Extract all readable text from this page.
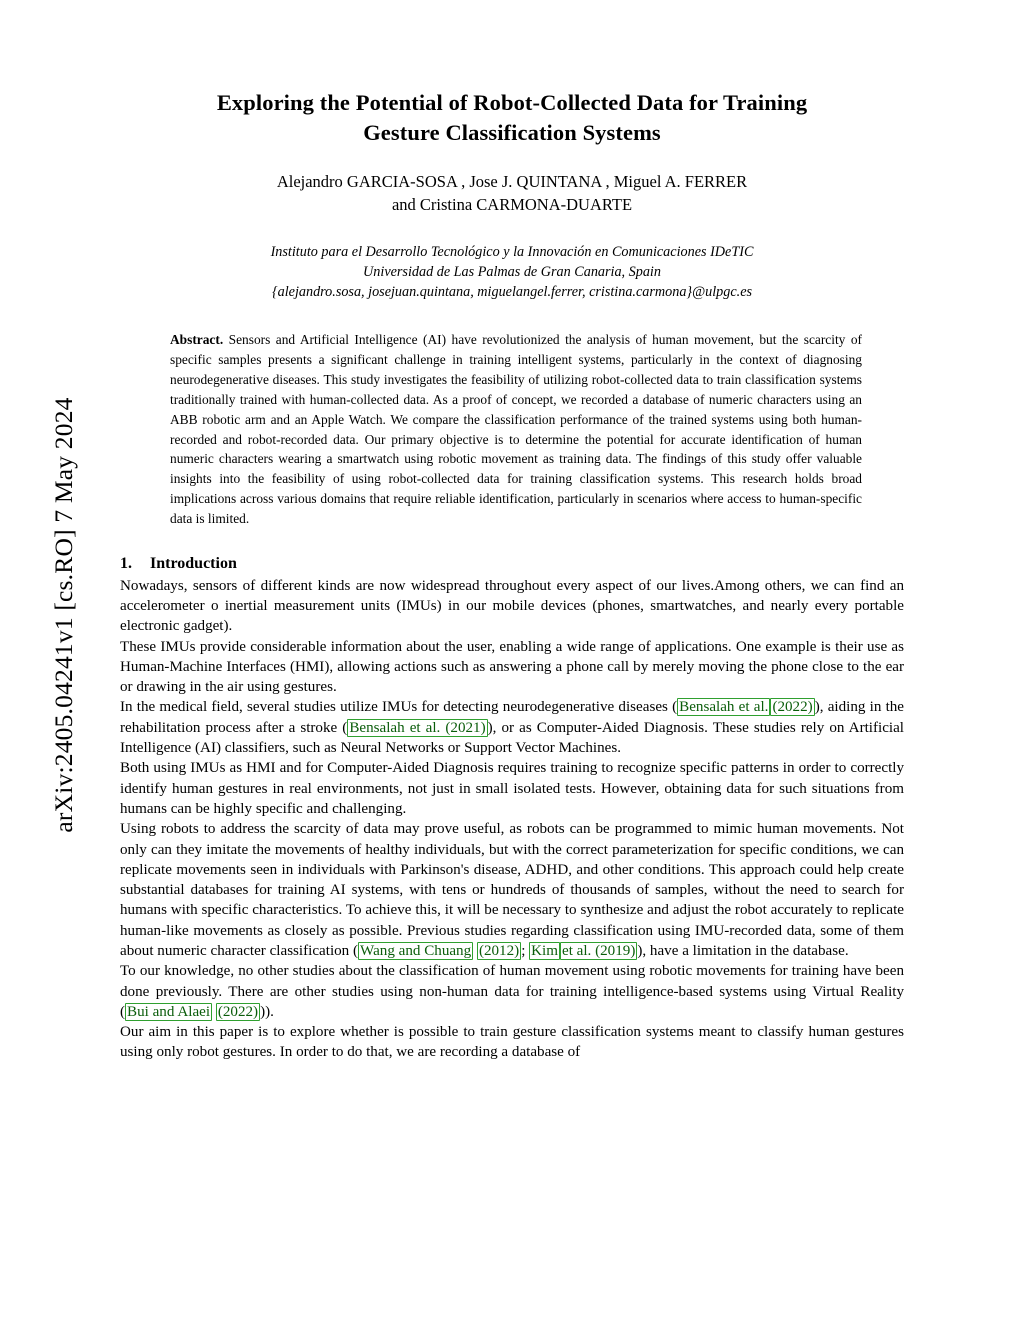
arXiv:2405.04241v1 [cs.RO] 7 May 2024
Exploring the Potential of Robot-Collected Data for Training
Gesture Classification Systems
Alejandro GARCIA-SOSA , Jose J. QUINTANA , Miguel A. FERRER
and Cristina CARMONA-DUARTE
Instituto para el Desarrollo Tecnológico y la Innovación en Comunicaciones IDeTIC
Universidad de Las Palmas de Gran Canaria, Spain
{alejandro.sosa, josejuan.quintana, miguelangel.ferrer, cristina.carmona}@ulpgc.es
Abstract. Sensors and Artificial Intelligence (AI) have revolutionized the analysis of human movement, but the scarcity of specific samples presents a significant challenge in training intelligent systems, particularly in the context of diagnosing neurodegenerative diseases. This study investigates the feasibility of utilizing robot-collected data to train classification systems traditionally trained with human-collected data. As a proof of concept, we recorded a database of numeric characters using an ABB robotic arm and an Apple Watch. We compare the classification performance of the trained systems using both human-recorded and robot-recorded data. Our primary objective is to determine the potential for accurate identification of human numeric characters wearing a smartwatch using robotic movement as training data. The findings of this study offer valuable insights into the feasibility of using robot-collected data for training classification systems. This research holds broad implications across various domains that require reliable identification, particularly in scenarios where access to human-specific data is limited.
1. Introduction

Nowadays, sensors of different kinds are now widespread throughout every aspect of our lives.Among others, we can find an accelerometer o inertial measurement units (IMUs) in our mobile devices (phones, smartwatches, and nearly every portable electronic gadget).

These IMUs provide considerable information about the user, enabling a wide range of applications. One example is their use as Human-Machine Interfaces (HMI), allowing actions such as answering a phone call by merely moving the phone close to the ear or drawing in the air using gestures.

In the medical field, several studies utilize IMUs for detecting neurodegenerative diseases ( Bensalah et al. (2022) ), aiding in the rehabilitation process after a stroke ( Bensalah et al. (2021) ), or as Computer-Aided Diagnosis. These studies rely on Artificial Intelligence (AI) classifiers, such as Neural Networks or Support Vector Machines.

Both using IMUs as HMI and for Computer-Aided Diagnosis requires training to recognize specific patterns in order to correctly identify human gestures in real environments, not just in small isolated tests. However, obtaining data for such situations from humans can be highly specific and challenging.

Using robots to address the scarcity of data may prove useful, as robots can be programmed to mimic human movements. Not only can they imitate the movements of healthy individuals, but with the correct parameterization for specific conditions, we can replicate movements seen in individuals with Parkinson's disease, ADHD, and other conditions. This approach could help create substantial databases for training AI systems, with tens or hundreds of thousands of samples, without the need to search for humans with specific characteristics. To achieve this, it will be necessary to synthesize and adjust the robot accurately to replicate human-like movements as closely as possible. Previous studies regarding classification using IMU-recorded data, some of them about numeric character classification ( Wang and Chuang (2012) ; Kim et al. (2019) ), have a limitation in the database.

To our knowledge, no other studies about the classification of human movement using robotic movements for training have been done previously. There are other studies using non-human data for training intelligence-based systems using Virtual Reality ( Bui and Alaei (2022) )).

Our aim in this paper is to explore whether is possible to train gesture classification systems meant to classify human gestures using only robot gestures. In order to do that, we are recording a database of
